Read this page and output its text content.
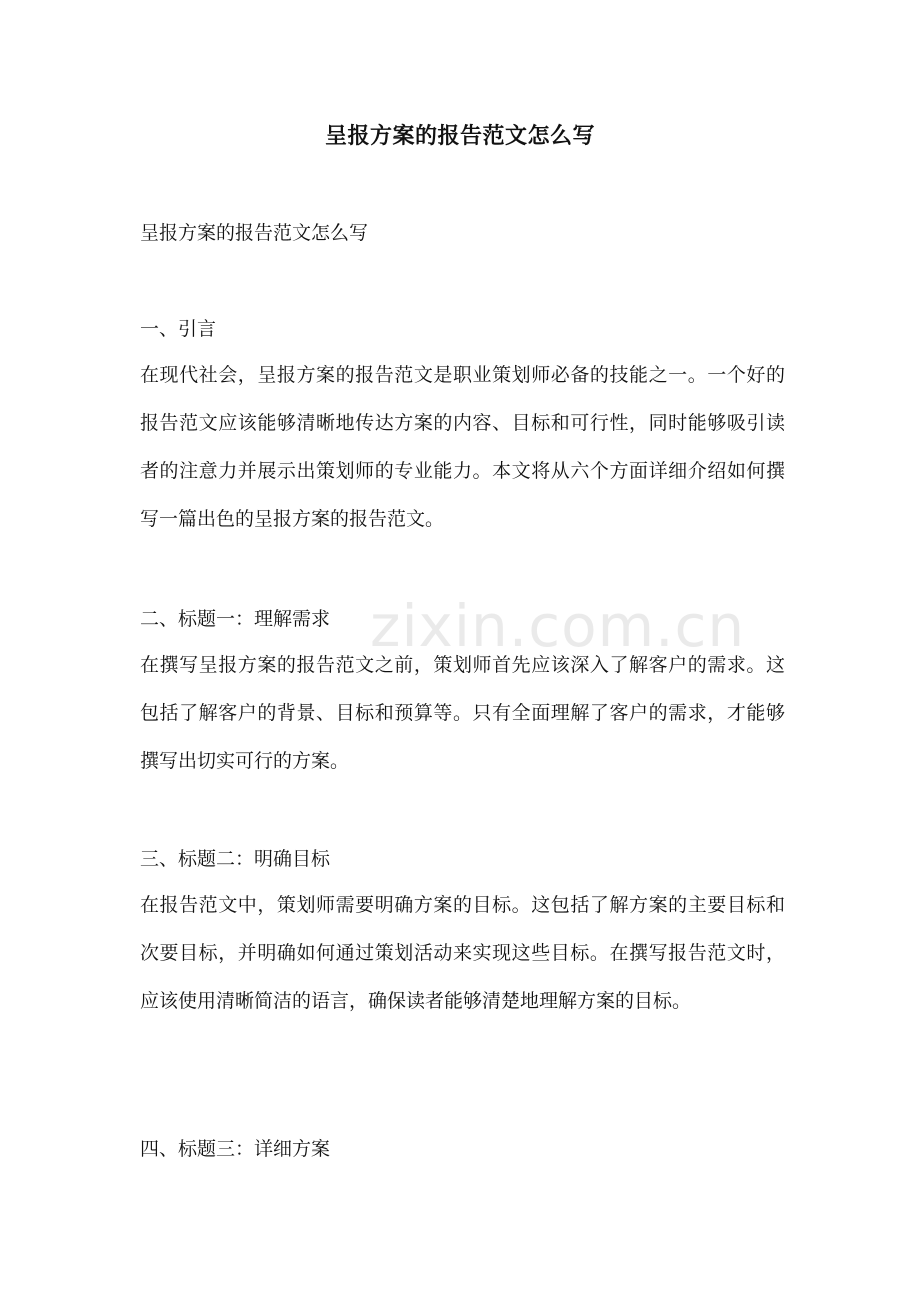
呈报方案的报告范文怎么写
呈报方案的报告范文怎么写
一、引言

在现代社会，呈报方案的报告范文是职业策划师必备的技能之一。一个好的报告范文应该能够清晰地传达方案的内容、目标和可行性，同时能够吸引读者的注意力并展示出策划师的专业能力。本文将从六个方面详细介绍如何撰写一篇出色的呈报方案的报告范文。

二、标题一：理解需求

在撰写呈报方案的报告范文之前，策划师首先应该深入了解客户的需求。这包括了解客户的背景、目标和预算等。只有全面理解了客户的需求，才能够撰写出切实可行的方案。

三、标题二：明确目标

在报告范文中，策划师需要明确方案的目标。这包括了解方案的主要目标和次要目标，并明确如何通过策划活动来实现这些目标。在撰写报告范文时，应该使用清晰简洁的语言，确保读者能够清楚地理解方案的目标。

四、标题三：详细方案
zixin.com.cn
